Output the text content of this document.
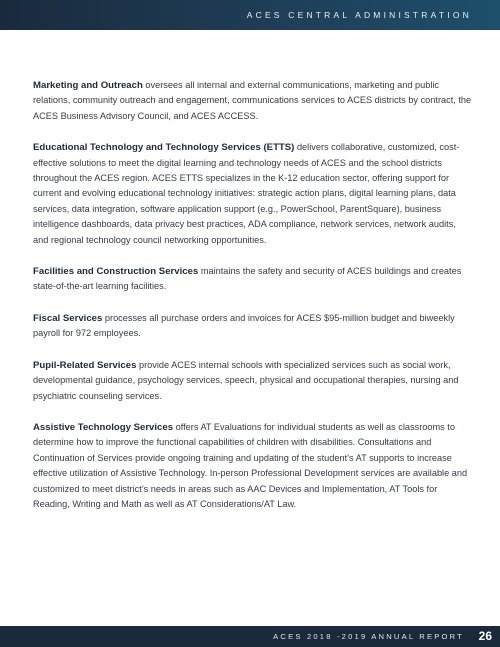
ACES CENTRAL ADMINISTRATION

Marketing and Outreach oversees all internal and external communications, marketing and public relations, community outreach and engagement, communications services to ACES districts by contract, the ACES Business Advisory Council, and ACES ACCESS.

Educational Technology and Technology Services (ETTS) delivers collaborative, customized, cost-effective solutions to meet the digital learning and technology needs of ACES and the school districts throughout the ACES region. ACES ETTS specializes in the K-12 education sector, offering support for current and evolving educational technology initiatives: strategic action plans, digital learning plans, data services, data integration, software application support (e.g., PowerSchool, ParentSquare), business intelligence dashboards, data privacy best practices, ADA compliance, network services, network audits, and regional technology council networking opportunities.

Facilities and Construction Services maintains the safety and security of ACES buildings and creates state-of-the-art learning facilities.

Fiscal Services processes all purchase orders and invoices for ACES $95-million budget and biweekly payroll for 972 employees.

Pupil-Related Services provide ACES internal schools with specialized services such as social work, developmental guidance, psychology services, speech, physical and occupational therapies, nursing and psychiatric counseling services.

Assistive Technology Services offers AT Evaluations for individual students as well as classrooms to determine how to improve the functional capabilities of children with disabilities. Consultations and Continuation of Services provide ongoing training and updating of the student’s AT supports to increase effective utilization of Assistive Technology. In-person Professional Development services are available and customized to meet district’s needs in areas such as AAC Devices and Implementation, AT Tools for Reading, Writing and Math as well as AT Considerations/AT Law.

ACES 2018 -2019 ANNUAL REPORT 26
